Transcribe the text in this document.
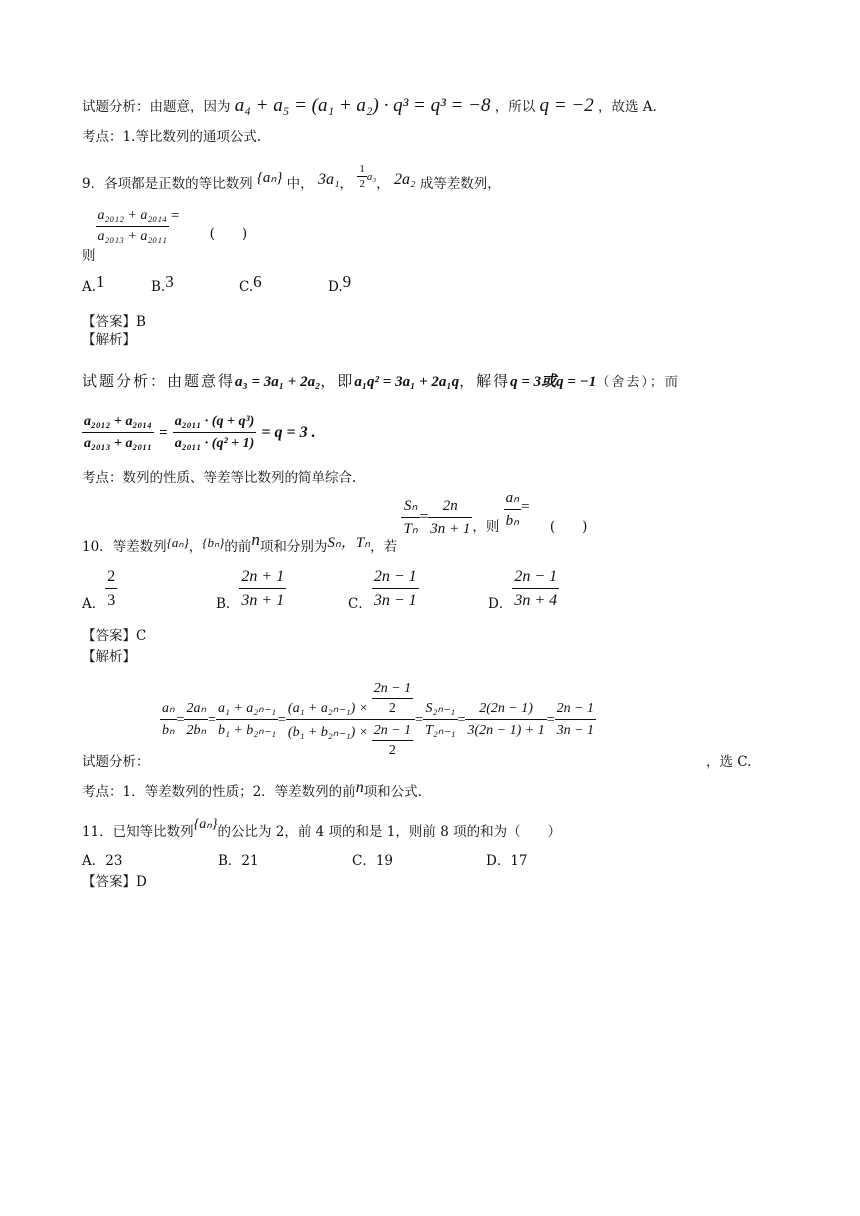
试题分析：由题意，因为 a₄ + a₅ = (a₁ + a₂) · q³ = q³ = −8 ，所以 q = −2 ，故选 A.
考点：1.等比数列的通项公式.
9．各项都是正数的等比数列 {aₙ} 中， 3a₁， $\frac{1}{2} ^{a_3}$， 2a₂ 成等差数列，
则
$\frac{\text{a₂₀₁₂ + a₂₀₁₄}}{\text{a₂₀₁₃ + a₂₀₁₁}}$ = (　　)
A.1	B.3	C.6	D.9
【答案】B
【解析】
试题分析：由题意得a₃ = 3a₁ + 2a₂，即a₁q² = 3a₁ + 2a₁q，解得q = 3或q = −1（舍去）；而
$\frac{\text{a₂₀₁₂ + a₂₀₁₄}}{\text{a₂₀₁₃ + a₂₀₁₁}} = \frac{\text{a₂₀₁₁ · (q + q³)}}{\text{a₂₀₁₁ · (q² + 1)}} = q = 3$ .
考点：数列的性质、等差等比数列的简单综合.
10．等差数列{aₙ}，{bₙ}的前n项和分别为Sₙ，Tₙ，若
$\frac{\text{Sₙ}}{\text{Tₙ}} = \frac{2n}{3n + 1}$ ，则 $\frac{\text{aₙ}}{\text{bₙ}}$ = (　　)
A． $\frac{2}{3}$	B． $\frac{2n + 1}{3n + 1}$	C． $\frac{2n - 1}{3n - 1}$	D． $\frac{2n - 1}{3n + 4}$
【答案】C
【解析】
$\frac{\text{aₙ}}{\text{bₙ}} = \frac{\text{2aₙ}}{\text{2bₙ}} = \frac{\text{a₁ + a₂ₙ₋₁}}{\text{b₁ + b₂ₙ₋₁}} = \frac{(a_1 + a_{2n-1}) \times \frac{2n - 1}{2}}{(b_1 + b_{2n-1}) \times \frac{2n - 1}{2}} = \frac{\text{S₂ₙ₋₁}}{\text{T₂ₙ₋₁}} = \frac{2(2n - 1)}{3(2n - 1) + 1} = \frac{2n - 1}{3n - 1}$
试题分析：	，选 C.
考点：1．等差数列的性质；2．等差数列的前n项和公式.
11．已知等比数列{aₙ}的公比为 2，前 4 项的和是 1，则前 8 项的和为（　　）
A．23	B．21	C．19	D．17
【答案】D
